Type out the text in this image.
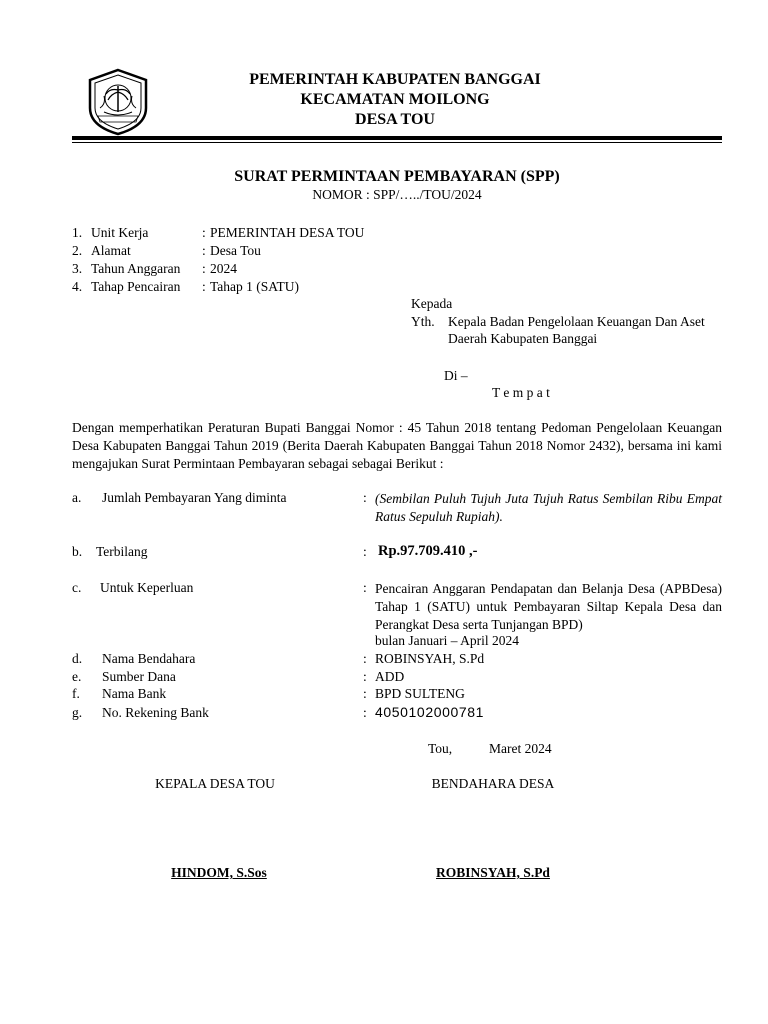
PEMERINTAH KABUPATEN BANGGAI
KECAMATAN MOILONG
DESA TOU
SURAT PERMINTAAN PEMBAYARAN (SPP)
NOMOR : SPP/…../TOU/2024
1. Unit Kerja	: PEMERINTAH DESA TOU
2. Alamat	: Desa Tou
3. Tahun Anggaran : 2024
4. Tahap Pencairan : Tahap 1 (SATU)
Kepada
Yth. Kepala Badan Pengelolaan Keuangan Dan Aset
Daerah Kabupaten Banggai
Di –
T e m p a t
Dengan memperhatikan Peraturan Bupati Banggai Nomor : 45 Tahun 2018 tentang Pedoman Pengelolaan Keuangan Desa Kabupaten Banggai Tahun 2019 (Berita Daerah Kabupaten Banggai Tahun 2018 Nomor 2432), bersama ini kami mengajukan Surat Permintaan Pembayaran sebagai sebagai Berikut :
a. Jumlah Pembayaran Yang diminta	: (Sembilan Puluh Tujuh Juta Tujuh Ratus Sembilan Ribu Empat Ratus Sepuluh Rupiah).
b. Terbilang	: Rp.97.709.410 ,-
c. Untuk Keperluan	: Pencairan Anggaran Pendapatan dan Belanja Desa (APBDesa) Tahap 1 (SATU) untuk Pembayaran Siltap Kepala Desa dan Perangkat Desa serta Tunjangan BPD)
bulan Januari – April 2024
d. Nama Bendahara	: ROBINSYAH, S.Pd
e. Sumber Dana	: ADD
f. Nama Bank	: BPD SULTENG
g. No. Rekening Bank	: 4050102000781
Tou,	Maret 2024
KEPALA DESA TOU	BENDAHARA DESA
HINDOM, S.Sos	ROBINSYAH, S.Pd
